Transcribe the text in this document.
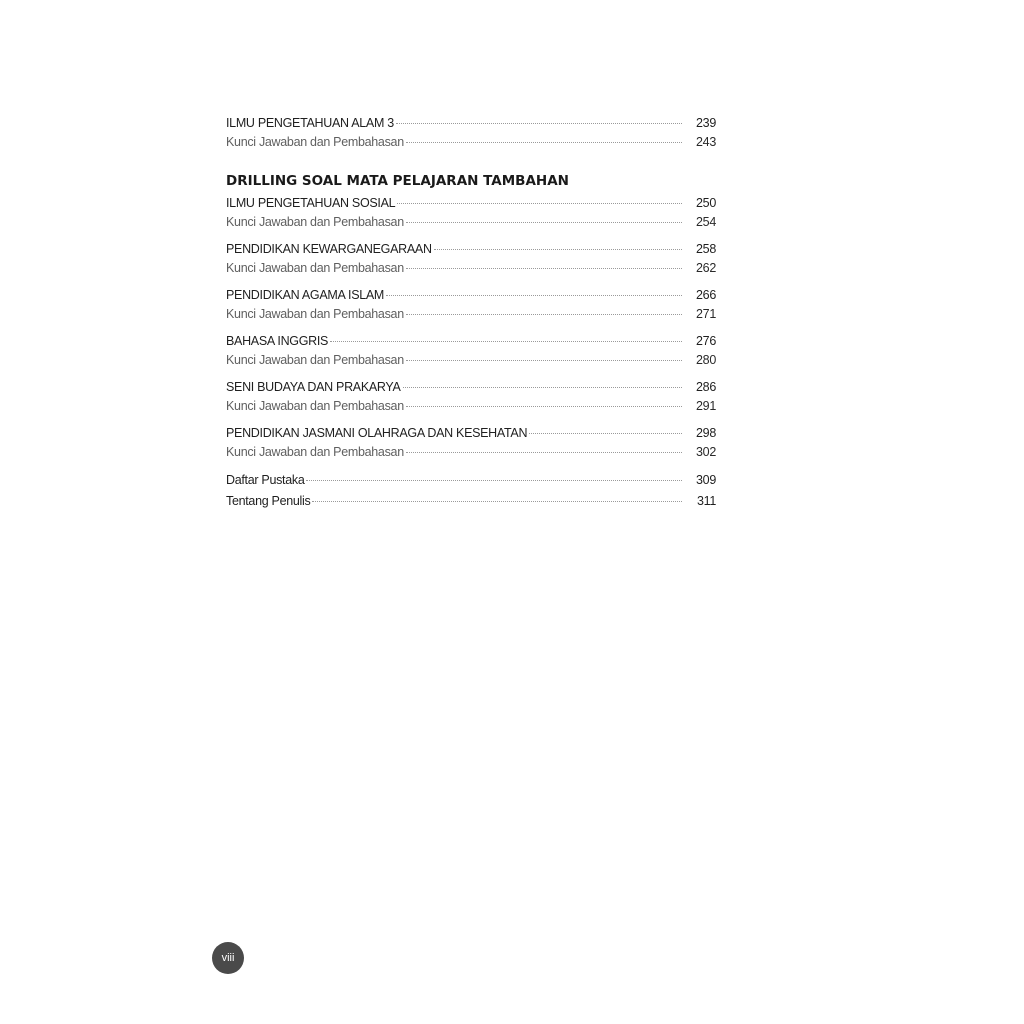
ILMU PENGETAHUAN ALAM 3	239
Kunci Jawaban dan Pembahasan	243
DRILLING SOAL MATA PELAJARAN TAMBAHAN
ILMU PENGETAHUAN SOSIAL	250
Kunci Jawaban dan Pembahasan	254
PENDIDIKAN KEWARGANEGARAAN	258
Kunci Jawaban dan Pembahasan	262
PENDIDIKAN AGAMA ISLAM	266
Kunci Jawaban dan Pembahasan	271
BAHASA INGGRIS	276
Kunci Jawaban dan Pembahasan	280
SENI BUDAYA DAN PRAKARYA	286
Kunci Jawaban dan Pembahasan	291
PENDIDIKAN JASMANI OLAHRAGA DAN KESEHATAN	298
Kunci Jawaban dan Pembahasan	302
Daftar Pustaka	309
Tentang Penulis	311
viii
